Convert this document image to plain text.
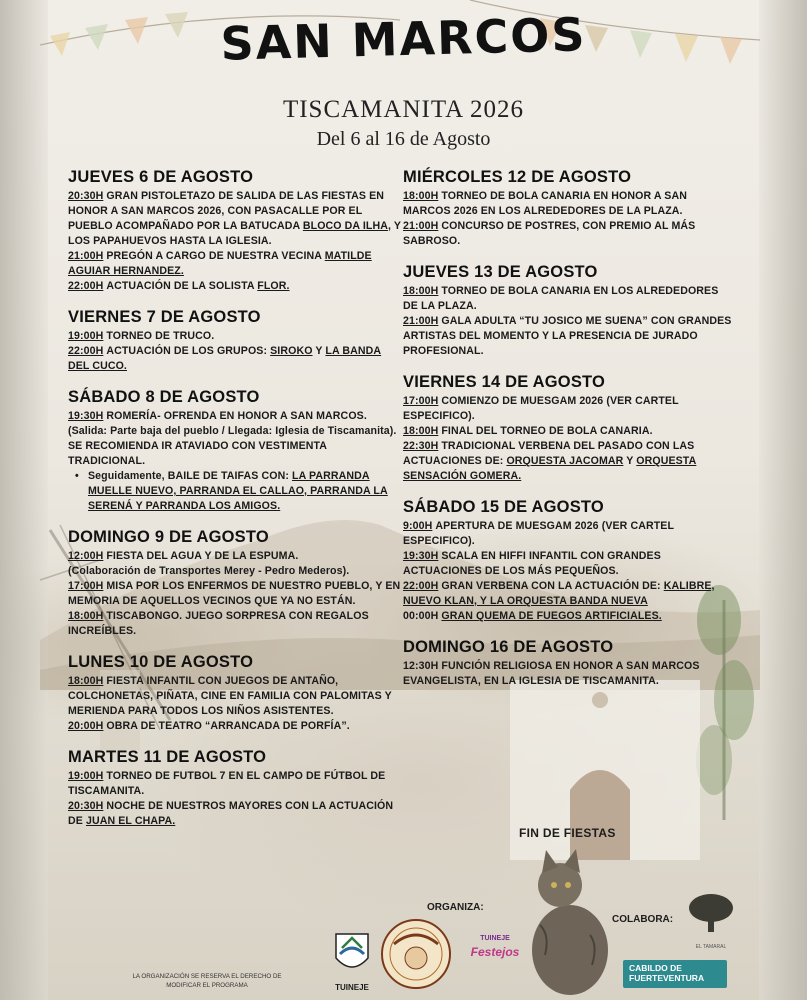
SAN MARCOS
TISCAMANITA 2026
Del 6 al 16 de Agosto
JUEVES 6 DE AGOSTO
20:30H GRAN PISTOLETAZO DE SALIDA DE LAS FIESTAS EN HONOR A SAN MARCOS 2026, CON PASACALLE POR EL PUEBLO ACOMPAÑADO POR LA BATUCADA BLOCO DA ILHA, Y LOS PAPAHUEVOS HASTA LA IGLESIA.
21:00H PREGÓN A CARGO DE NUESTRA VECINA MATILDE AGUIAR HERNANDEZ.
22:00H ACTUACIÓN DE LA SOLISTA FLOR.
VIERNES 7 DE AGOSTO
19:00H TORNEO DE TRUCO.
22:00H ACTUACIÓN DE LOS GRUPOS: SIROKO Y LA BANDA DEL CUCO.
SÁBADO 8 DE AGOSTO
19:30H ROMERÍA- OFRENDA EN HONOR A SAN MARCOS.
(Salida: Parte baja del pueblo / Llegada: Iglesia de Tiscamanita). SE RECOMIENDA IR ATAVIADO CON VESTIMENTA TRADICIONAL.
• Seguidamente, BAILE DE TAIFAS CON: LA PARRANDA MUELLE NUEVO, PARRANDA EL CALLAO, PARRANDA LA SERENÁ Y PARRANDA LOS AMIGOS.
DOMINGO 9 DE AGOSTO
12:00H FIESTA DEL AGUA Y DE LA ESPUMA.
(Colaboración de Transportes Merey - Pedro Mederos).
17:00H MISA POR LOS ENFERMOS DE NUESTRO PUEBLO, Y EN MEMORIA DE AQUELLOS VECINOS QUE YA NO ESTÁN.
18:00H TISCABONGO. JUEGO SORPRESA CON REGALOS INCREÍBLES.
LUNES 10 DE AGOSTO
18:00H FIESTA INFANTIL CON JUEGOS DE ANTAÑO, COLCHONETAS, PIÑATA, CINE EN FAMILIA CON PALOMITAS Y MERIENDA PARA TODOS LOS NIÑOS ASISTENTES.
20:00H OBRA DE TEATRO “ARRANCADA DE PORFÍA”.
MARTES 11 DE AGOSTO
19:00H TORNEO DE FUTBOL 7 EN EL CAMPO DE FÚTBOL DE TISCAMANITA.
20:30H NOCHE DE NUESTROS MAYORES CON LA ACTUACIÓN DE JUAN EL CHAPA.
MIÉRCOLES 12 DE AGOSTO
18:00H TORNEO DE BOLA CANARIA EN HONOR A SAN MARCOS 2026 EN LOS ALREDEDORES DE LA PLAZA.
21:00H CONCURSO DE POSTRES, CON PREMIO AL MÁS SABROSO.
JUEVES 13 DE AGOSTO
18:00H TORNEO DE BOLA CANARIA EN LOS ALREDEDORES DE LA PLAZA.
21:00H GALA ADULTA “TU JOSICO ME SUENA” CON GRANDES ARTISTAS DEL MOMENTO Y LA PRESENCIA DE JURADO PROFESIONAL.
VIERNES 14 DE AGOSTO
17:00H COMIENZO DE MUESGAM 2026 (VER CARTEL ESPECIFICO).
18:00H FINAL DEL TORNEO DE BOLA CANARIA.
22:30H TRADICIONAL VERBENA DEL PASADO CON LAS ACTUACIONES DE: ORQUESTA JACOMAR Y ORQUESTA SENSACIÓN GOMERA.
SÁBADO 15 DE AGOSTO
9:00H APERTURA DE MUESGAM 2026 (VER CARTEL ESPECIFICO).
19:30H SCALA EN HIFFI INFANTIL CON GRANDES ACTUACIONES DE LOS MÁS PEQUEÑOS.
22:00H GRAN VERBENA CON LA ACTUACIÓN DE: KALIBRE, NUEVO KLAN, Y LA ORQUESTA BANDA NUEVA
00:00H GRAN QUEMA DE FUEGOS ARTIFICIALES.
DOMINGO 16 DE AGOSTO
12:30H FUNCIÓN RELIGIOSA EN HONOR A SAN MARCOS EVANGELISTA, EN LA IGLESIA DE TISCAMANITA.
FIN DE FIESTAS
ORGANIZA:
COLABORA:
LA ORGANIZACIÓN SE RESERVA EL DERECHO DE MODIFICAR EL PROGRAMA	TUINEJE
TUINEJE
Festejos	EL TAMARAL
CABILDO DE FUERTEVENTURA
